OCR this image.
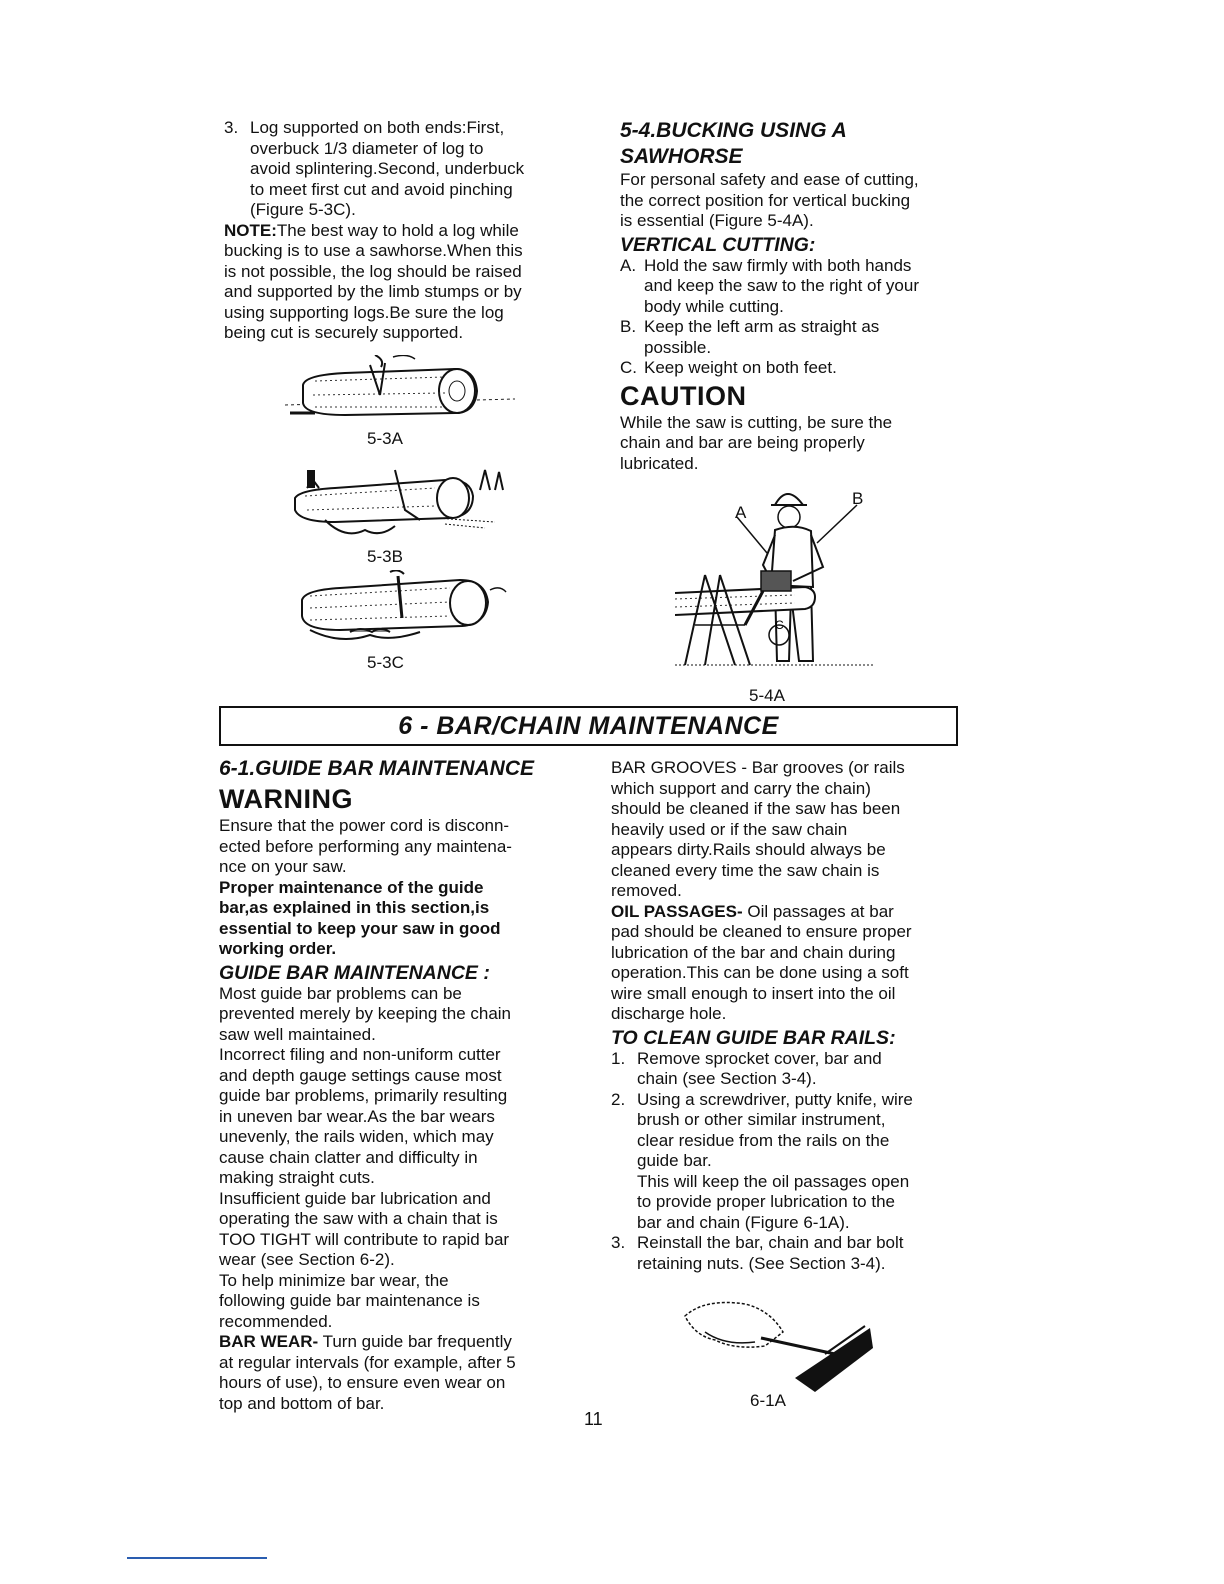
3. Log supported on both ends:First,
overbuck 1/3 diameter of log to
avoid splintering.Second, underbuck
to meet first cut and avoid pinching
(Figure 5-3C).
NOTE:The best way to hold a log while
bucking is to use a sawhorse.When this
is not possible, the log should be raised
and supported by the limb stumps or by
using supporting logs.Be sure the log
being cut is securely supported.
5-3A
5-3B
5-3C
5-4.BUCKING USING A
SAWHORSE
For personal safety and ease of cutting,
the correct position for vertical bucking
is essential (Figure 5-4A).
VERTICAL CUTTING:
A. Hold the saw firmly with both hands
and keep the saw to the right of your
body while cutting.
B. Keep the left arm as straight as
possible.
C. Keep weight on both feet.
CAUTION
While the saw is cutting, be sure the
chain and bar are being properly
lubricated.
C
A
B
5-4A
6 - BAR/CHAIN MAINTENANCE
6-1.GUIDE BAR MAINTENANCE
WARNING
Ensure that the power cord is disconn-
ected before performing any maintena-
nce on your saw.
Proper maintenance of the guide
bar,as explained in this section,is
essential to keep your saw in good
working order.
GUIDE BAR MAINTENANCE :
Most guide bar problems can be
prevented merely by keeping the chain
saw well maintained.
Incorrect filing and non-uniform cutter
and depth gauge settings cause most
guide bar problems, primarily resulting
in uneven bar wear.As the bar wears
unevenly, the rails widen, which may
cause chain clatter and difficulty in
making straight cuts.
Insufficient guide bar lubrication and
operating the saw with a chain that is
TOO TIGHT will contribute to rapid bar
wear (see Section 6-2).
To help minimize bar wear, the
following guide bar maintenance is
recommended.
BAR WEAR- Turn guide bar frequently
at regular intervals (for example, after 5
hours of use), to ensure even wear on
top and bottom of bar.
BAR GROOVES - Bar grooves (or rails
which support and carry the chain)
should be cleaned if the saw has been
heavily used or if the saw chain
appears dirty.Rails should always be
cleaned every time the saw chain is
removed.
OIL PASSAGES- Oil passages at bar
pad should be cleaned to ensure proper
lubrication of the bar and chain during
operation.This can be done using a soft
wire small enough to insert into the oil
discharge hole.
TO CLEAN GUIDE BAR RAILS:
1. Remove sprocket cover, bar and
chain (see Section 3-4).
2. Using a screwdriver, putty knife, wire
brush or other similar instrument,
clear residue from the rails on the
guide bar.
This will keep the oil passages open
to provide proper lubrication to the
bar and chain (Figure 6-1A).
3. Reinstall the bar, chain and bar bolt
retaining nuts. (See Section 3-4).
6-1A
11
